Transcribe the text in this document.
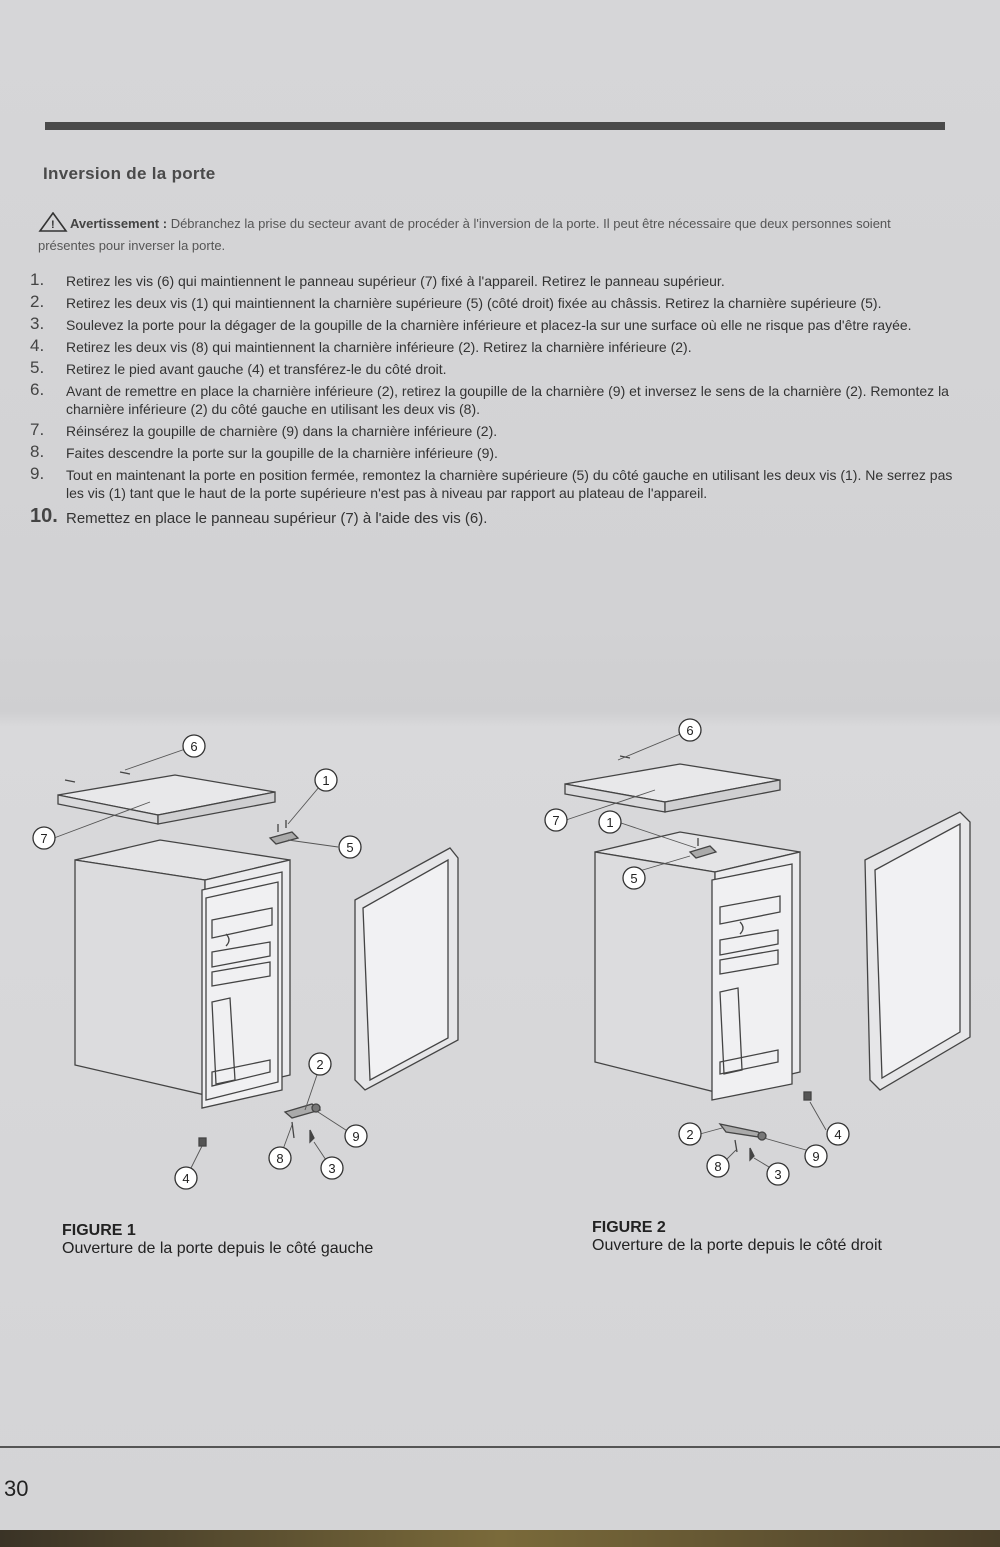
Inversion de la porte
! Avertissement : Débranchez la prise du secteur avant de procéder à l'inversion de la porte. Il peut être nécessaire que deux personnes soient présentes pour inverser la porte.
1. Retirez les vis (6) qui maintiennent le panneau supérieur (7) fixé à l'appareil. Retirez le panneau supérieur.
2. Retirez les deux vis (1) qui maintiennent la charnière supérieure (5) (côté droit) fixée au châssis. Retirez la charnière supérieure (5).
3. Soulevez la porte pour la dégager de la goupille de la charnière inférieure et placez-la sur une surface où elle ne risque pas d'être rayée.
4. Retirez les deux vis (8) qui maintiennent la charnière inférieure (2). Retirez la charnière inférieure (2).
5. Retirez le pied avant gauche (4) et transférez-le du côté droit.
6. Avant de remettre en place la charnière inférieure (2), retirez la goupille de la charnière (9) et inversez le sens de la charnière (2). Remontez la charnière inférieure (2) du côté gauche en utilisant les deux vis (8).
7. Réinsérez la goupille de charnière (9) dans la charnière inférieure (2).
8. Faites descendre la porte sur la goupille de la charnière inférieure (9).
9. Tout en maintenant la porte en position fermée, remontez la charnière supérieure (5) du côté gauche en utilisant les deux vis (1). Ne serrez pas les vis (1) tant que le haut de la porte supérieure n'est pas à niveau par rapport au plateau de l'appareil.
10. Remettez en place le panneau supérieur (7) à l'aide des vis (6).
6
1
5
7
2
9
3
8
4
6
7	1
5
2	4
9
8
3
FIGURE 1
Ouverture de la porte depuis le côté gauche
FIGURE 2
Ouverture de la porte depuis le côté droit
30
